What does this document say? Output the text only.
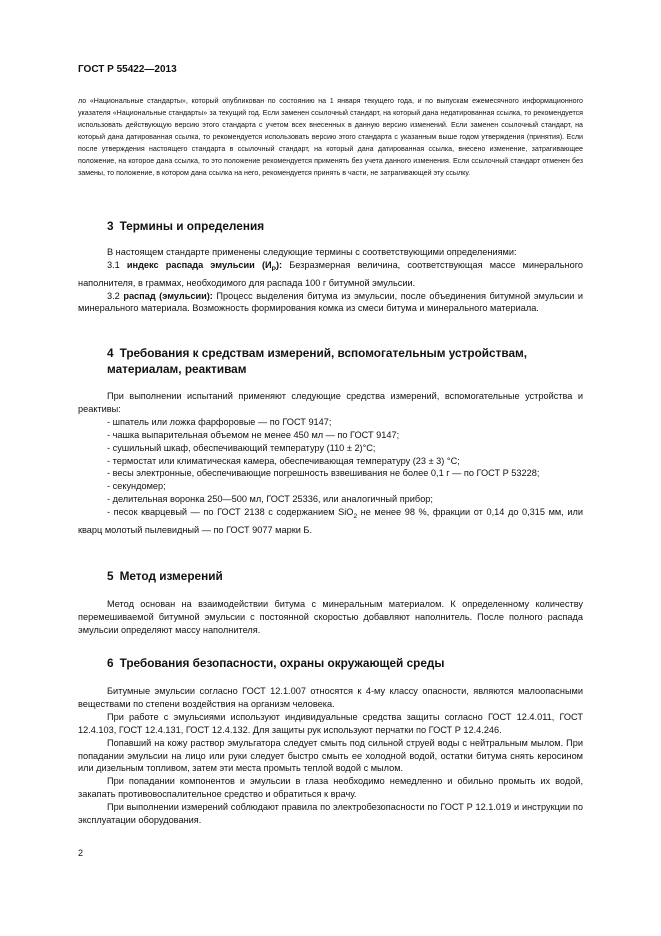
ГОСТ Р 55422—2013

ло «Национальные стандарты», который опубликован по состоянию на 1 января текущего года, и по выпускам ежемесячного информационного указателя «Национальные стандарты» за текущий год. Если заменен ссылочный стандарт, на который дана недатированная ссылка, то рекомендуется использовать действующую версию этого стандарта с учетом всех внесенных в данную версию изменений. Если заменен ссылочный стандарт, на который дана датированная ссылка, то рекомендуется использовать версию этого стандарта с указанным выше годом утверждения (принятия). Если после утверждения настоящего стандарта в ссылочный стандарт, на который дана датированная ссылка, внесено изменение, затрагивающее положение, на которое дана ссылка, то это положение рекомендуется применять без учета данного изменения. Если ссылочный стандарт отменен без замены, то положение, в котором дана ссылка на него, рекомендуется принять в части, не затрагивающей эту ссылку.

3 Термины и определения

В настоящем стандарте применены следующие термины с соответствующими определениями:

3.1 индекс распада эмульсии $(И_Р)$: Безразмерная величина, соответствующая массе минерального наполнителя, в граммах, необходимого для распада 100 г битумной эмульсии.

3.2 распад (эмульсии): Процесс выделения битума из эмульсии, после объединения битумной эмульсии и минерального материала. Возможность формирования комка из смеси битума и минерального материала.

4 Требования к средствам измерений, вспомогательным устройствам,
материалам, реактивам

При выполнении испытаний применяют следующие средства измерений, вспомогательные устройства и реактивы:

- шпатель или ложка фарфоровые — по ГОСТ 9147;

- чашка выпарительная объемом не менее 450 мл — по ГОСТ 9147;

- сушильный шкаф, обеспечивающий температуру (110 ± 2)°С;

- термостат или климатическая камера, обеспечивающая температуру (23 ± 3) °С;

- весы электронные, обеспечивающие погрешность взвешивания не более 0,1 г — по ГОСТ Р 53228;

- секундомер;

- делительная воронка 250—500 мл, ГОСТ 25336, или аналогичный прибор;

- песок кварцевый — по ГОСТ 2138 с содержанием SiO$_2$ не менее 98 %, фракции от 0,14 до 0,315 мм, или кварц молотый пылевидный — по ГОСТ 9077 марки Б.

5 Метод измерений

Метод основан на взаимодействии битума с минеральным материалом. К определенному количеству перемешиваемой битумной эмульсии с постоянной скоростью добавляют наполнитель. После полного распада эмульсии определяют массу наполнителя.

6 Требования безопасности, охраны окружающей среды

Битумные эмульсии согласно ГОСТ 12.1.007 относятся к 4-му классу опасности, являются малоопасными веществами по степени воздействия на организм человека.

При работе с эмульсиями используют индивидуальные средства защиты согласно ГОСТ 12.4.011, ГОСТ 12.4.103, ГОСТ 12.4.131, ГОСТ 12.4.132. Для защиты рук используют перчатки по ГОСТ Р 12.4.246.

Попавший на кожу раствор эмульгатора следует смыть под сильной струей воды с нейтральным мылом. При попадании эмульсии на лицо или руки следует быстро смыть ее холодной водой, остатки битума снять керосином или дизельным топливом, затем эти места промыть теплой водой с мылом.

При попадании компонентов и эмульсии в глаза необходимо немедленно и обильно промыть их водой, закапать противовоспалительное средство и обратиться к врачу.

При выполнении измерений соблюдают правила по электробезопасности по ГОСТ Р 12.1.019 и инструкции по эксплуатации оборудования.

2
